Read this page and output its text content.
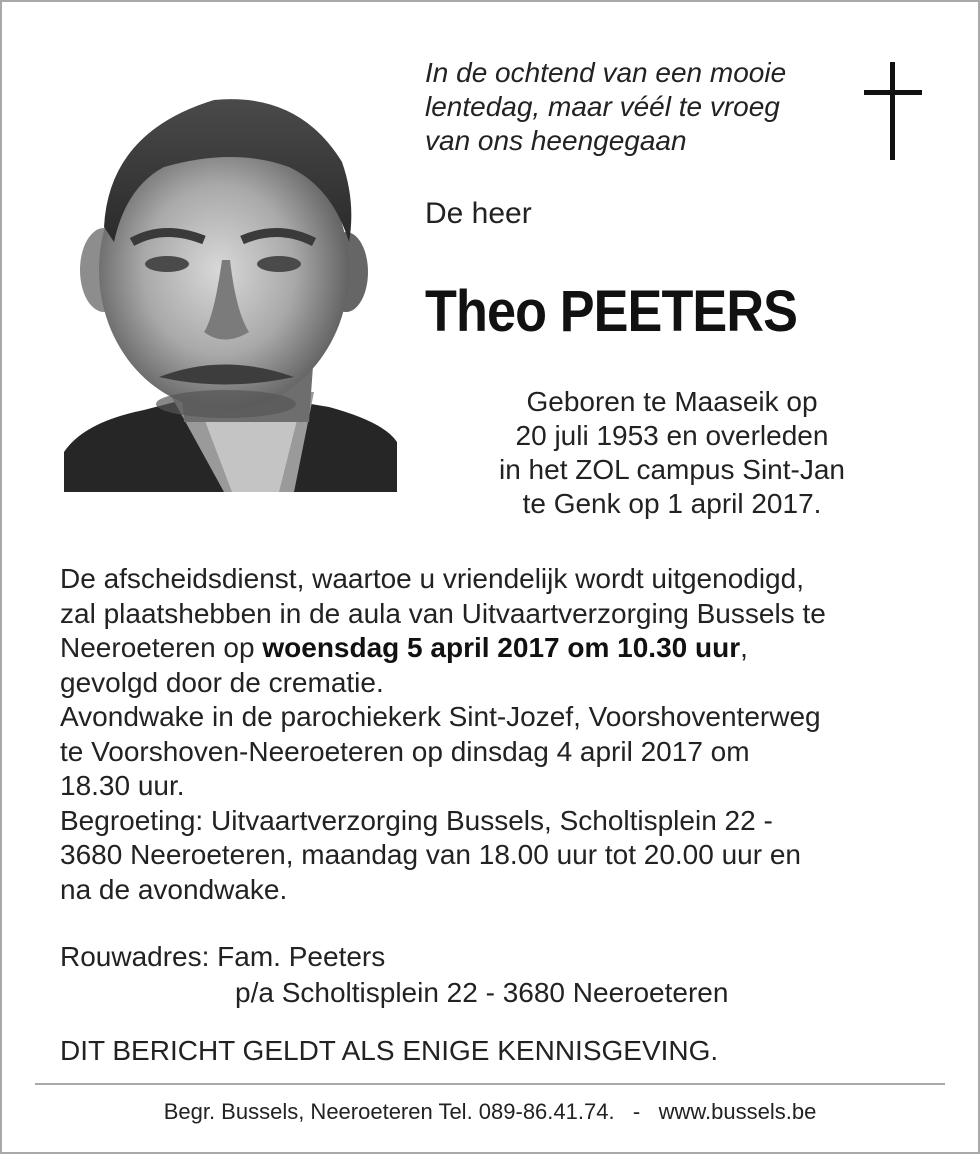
In de ochtend van een mooie
lentedag, maar véél te vroeg
van ons heengegaan
De heer
Theo PEETERS
Geboren te Maaseik op
20 juli 1953 en overleden
in het ZOL campus Sint-Jan
te Genk op 1 april 2017.
De afscheidsdienst, waartoe u vriendelijk wordt uitgenodigd,
zal plaatshebben in de aula van Uitvaartverzorging Bussels te
Neeroeteren op woensdag 5 april 2017 om 10.30 uur,
gevolgd door de crematie.
Avondwake in de parochiekerk Sint-Jozef, Voorshoventerweg
te Voorshoven-Neeroeteren op dinsdag 4 april 2017 om
18.30 uur.
Begroeting: Uitvaartverzorging Bussels, Scholtisplein 22 -
3680 Neeroeteren, maandag van 18.00 uur tot 20.00 uur en
na de avondwake.
Rouwadres: Fam. Peeters
p/a Scholtisplein 22 - 3680 Neeroeteren
DIT BERICHT GELDT ALS ENIGE KENNISGEVING.
Begr. Bussels, Neeroeteren Tel. 089-86.41.74.   -   www.bussels.be
